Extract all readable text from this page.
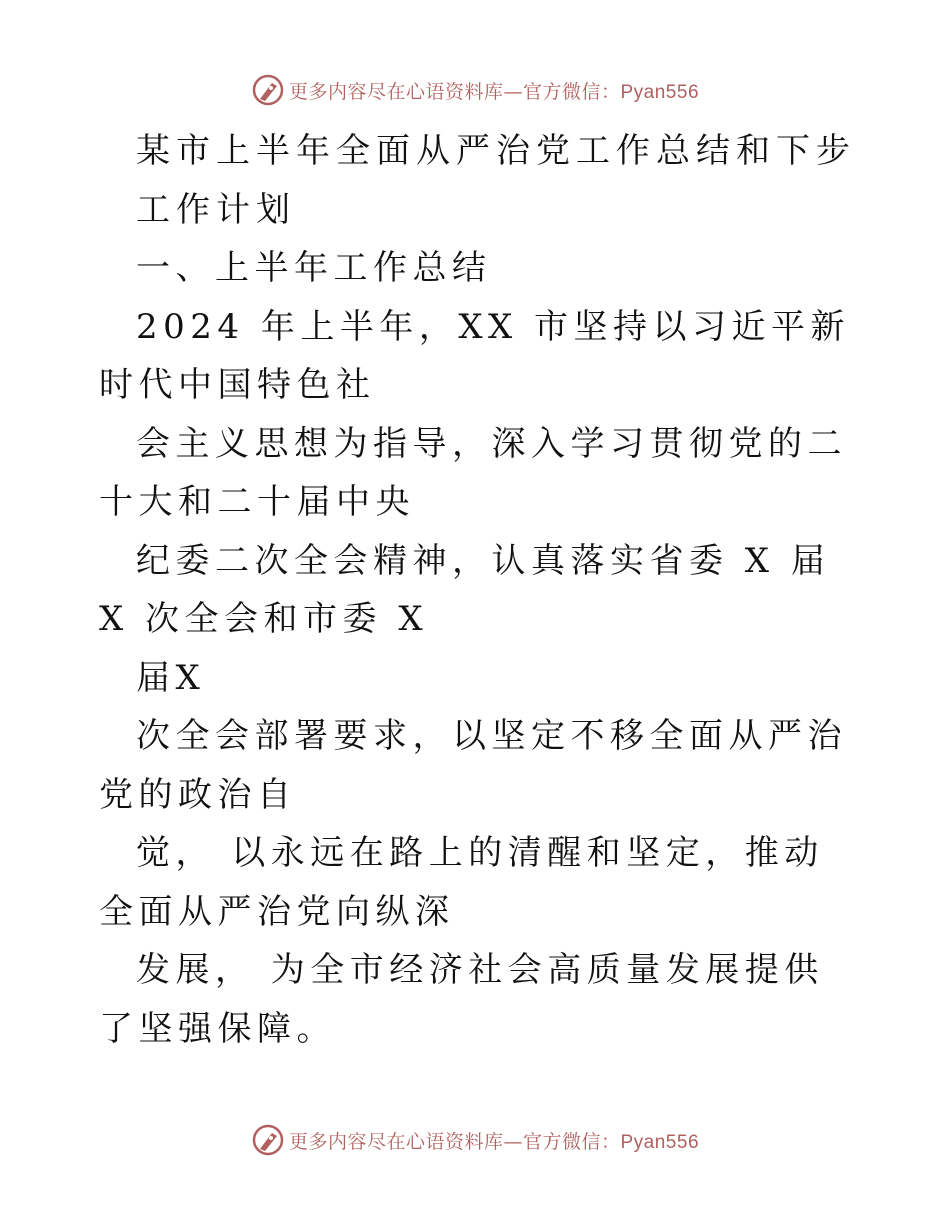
更多内容尽在心语资料库—官方微信：Pyan556

某市上半年全面从严治党工作总结和下步

工作计划

一、上半年工作总结

2024 年上半年，XX 市坚持以习近平新时代中国特色社

会主义思想为指导，深入学习贯彻党的二十大和二十届中央

纪委二次全会精神，认真落实省委 X 届 X 次全会和市委 X

届X

次全会部署要求，以坚定不移全面从严治党的政治自

觉， 以永远在路上的清醒和坚定，推动全面从严治党向纵深

发展， 为全市经济社会高质量发展提供了坚强保障。

更多内容尽在心语资料库—官方微信：Pyan556
